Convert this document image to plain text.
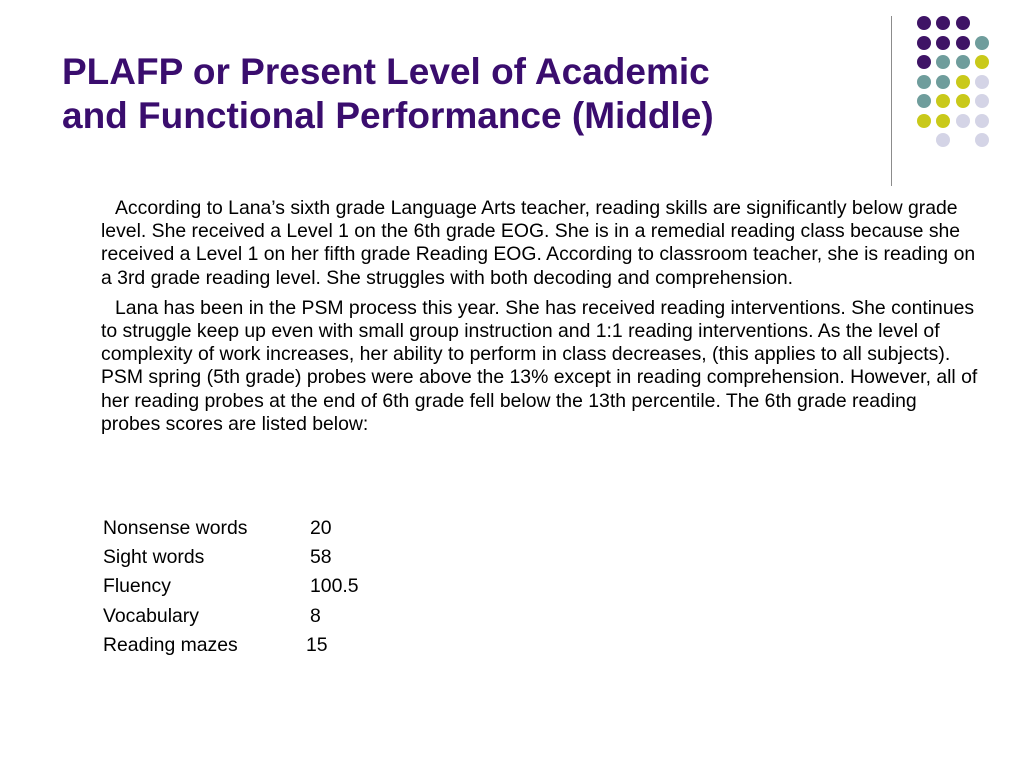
PLAFP or Present Level of Academic
and Functional Performance (Middle)

According to Lana’s sixth grade Language Arts teacher, reading skills are significantly below grade level. She received a Level 1 on the 6th grade EOG. She is in a remedial reading class because she received a Level 1 on her fifth grade Reading EOG. According to classroom teacher, she is reading on a 3rd grade reading level. She struggles with both decoding and comprehension.

Lana has been in the PSM process this year. She has received reading interventions. She continues to struggle keep up even with small group instruction and 1:1 reading interventions. As the level of complexity of work increases, her ability to perform in class decreases, (this applies to all subjects). PSM spring (5th grade) probes were above the 13% except in reading comprehension. However, all of her reading probes at the end of 6th grade fell below the 13th percentile. The 6th grade reading probes scores are listed below:

Nonsense words	20
Sight words	58
Fluency	100.5
Vocabulary	8
Reading mazes	15
